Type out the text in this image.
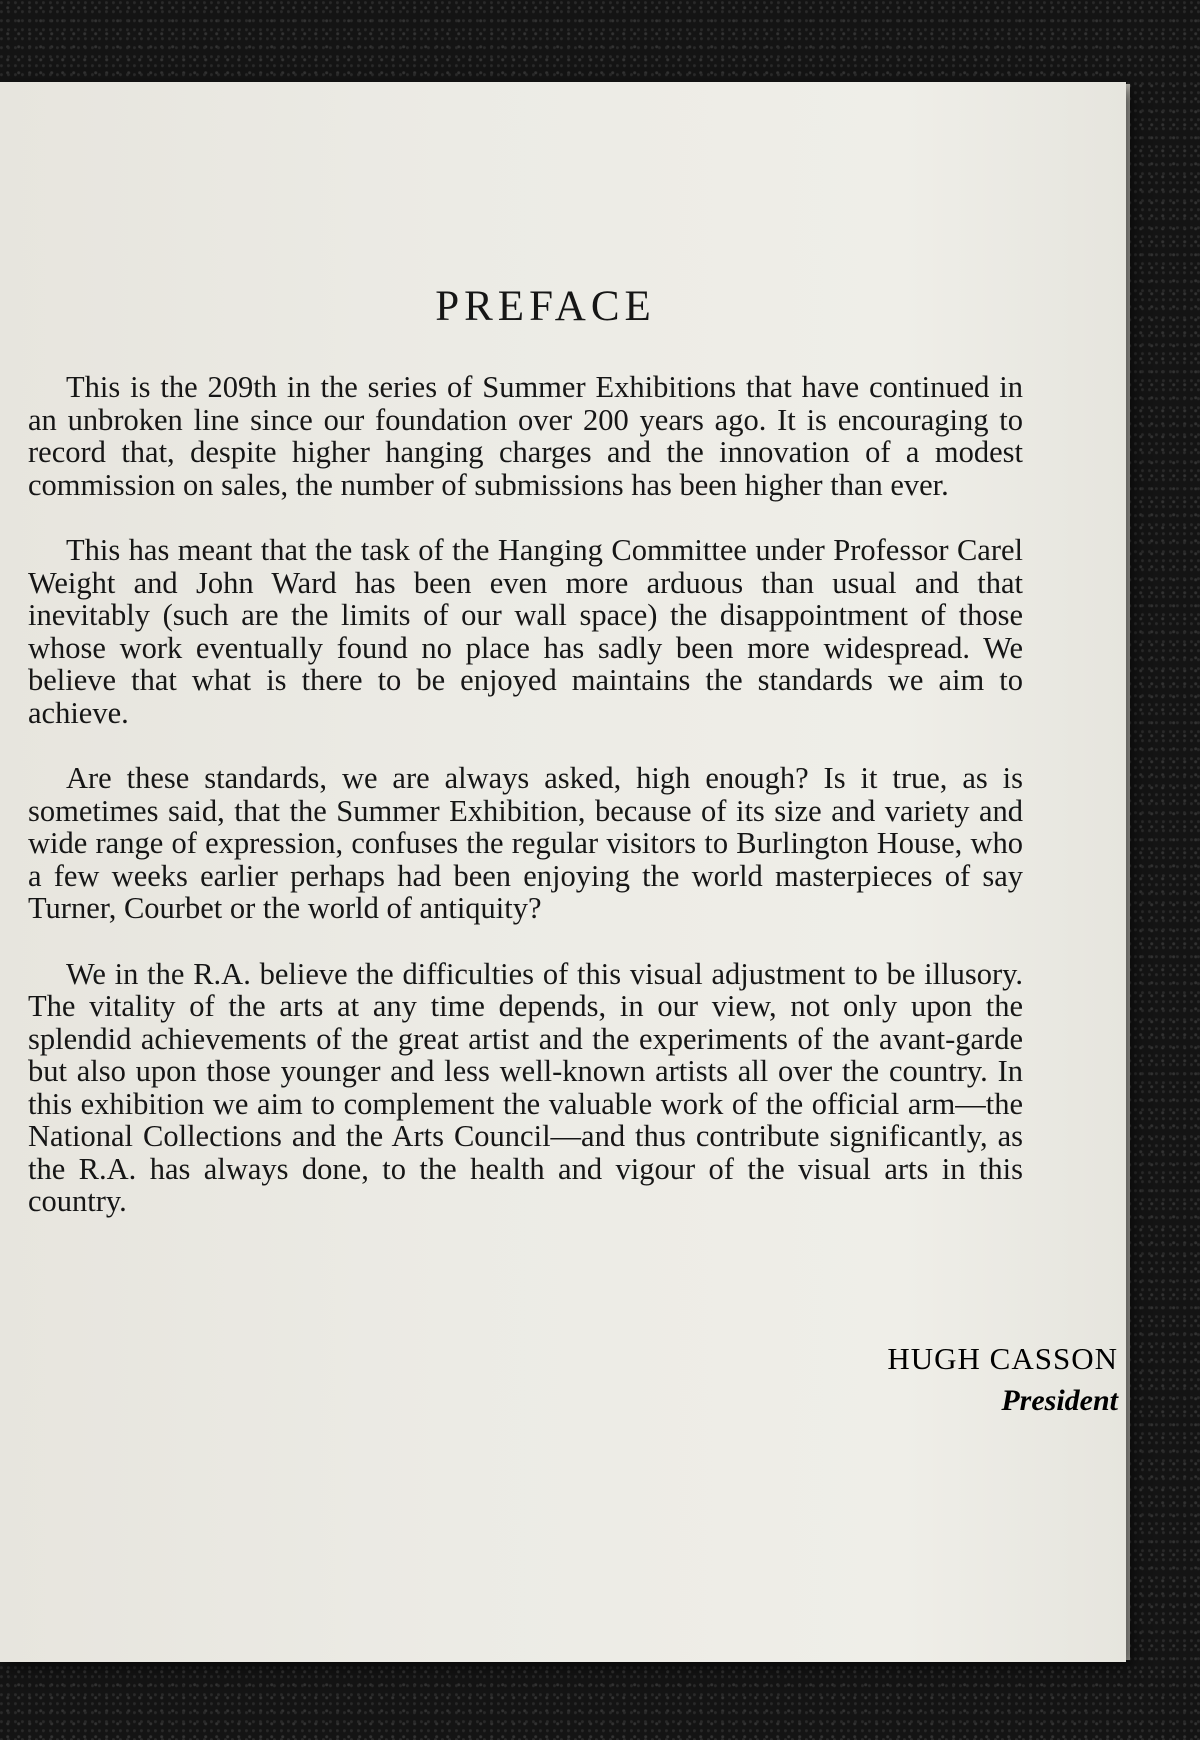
PREFACE

This is the 209th in the series of Summer Exhibitions that have continued in an unbroken line since our foundation over 200 years ago. It is encouraging to record that, despite higher hanging charges and the innovation of a modest commission on sales, the number of submissions has been higher than ever.

This has meant that the task of the Hanging Committee under Professor Carel Weight and John Ward has been even more arduous than usual and that inevitably (such are the limits of our wall space) the disappointment of those whose work eventually found no place has sadly been more widespread. We believe that what is there to be enjoyed maintains the standards we aim to achieve.

Are these standards, we are always asked, high enough? Is it true, as is sometimes said, that the Summer Exhibition, because of its size and variety and wide range of expression, confuses the regular visitors to Burlington House, who a few weeks earlier perhaps had been enjoying the world masterpieces of say Turner, Courbet or the world of antiquity?

We in the R.A. believe the difficulties of this visual adjustment to be illusory. The vitality of the arts at any time depends, in our view, not only upon the splendid achievements of the great artist and the experiments of the avant-garde but also upon those younger and less well-known artists all over the country. In this exhibition we aim to complement the valuable work of the official arm—the National Collections and the Arts Council—and thus contribute significantly, as the R.A. has always done, to the health and vigour of the visual arts in this country.

HUGH CASSON
President
